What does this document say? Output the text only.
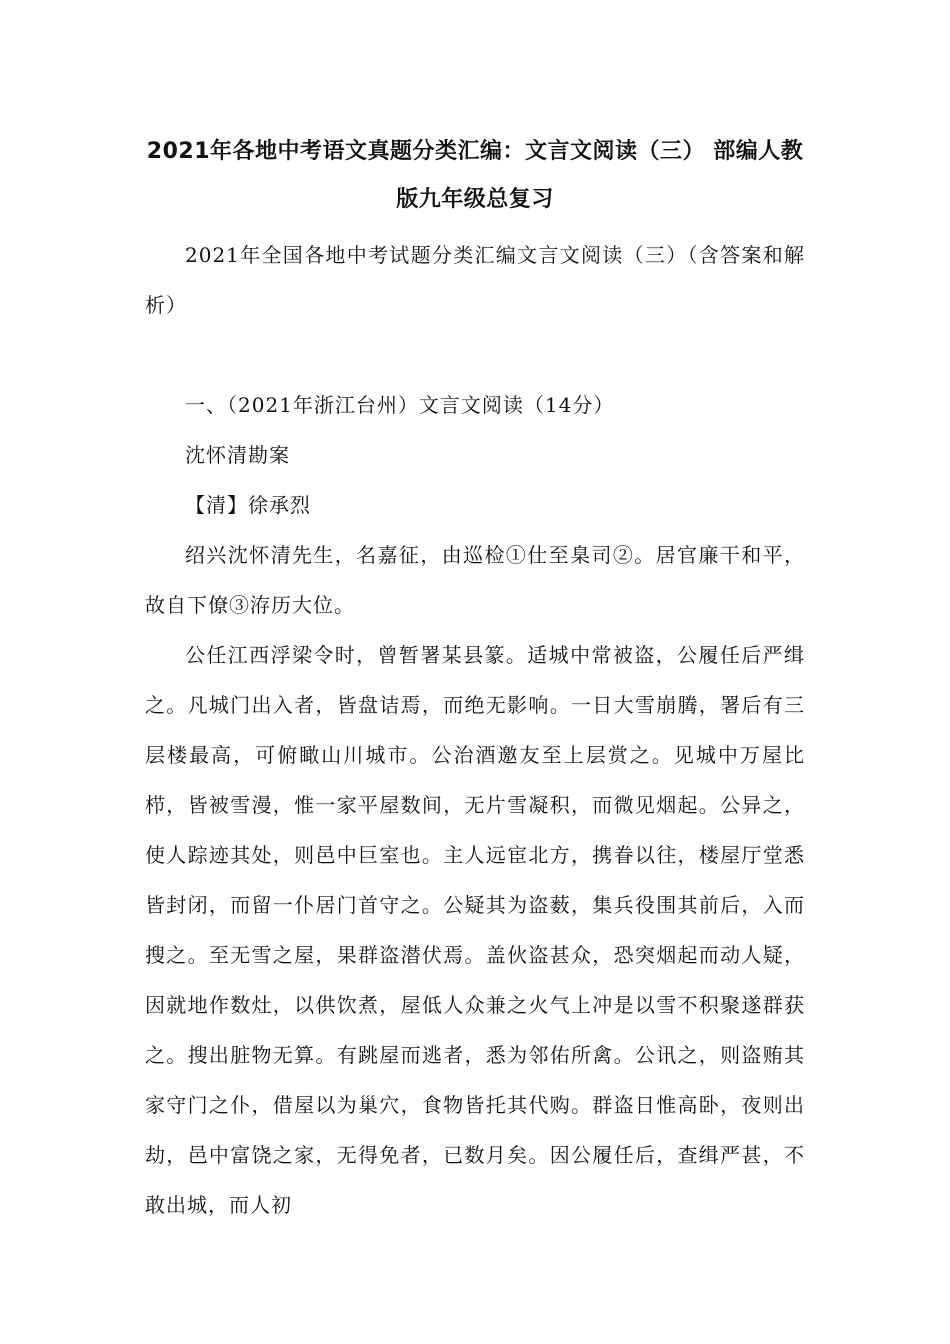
2021年各地中考语文真题分类汇编：文言文阅读（三） 部编人教
版九年级总复习

2021年全国各地中考试题分类汇编文言文阅读（三）（含答案和解析）

一、（2021年浙江台州）文言文阅读（14分）

沈怀清勘案

【清】徐承烈

绍兴沈怀清先生，名嘉征，由巡检①仕至臬司②。居官廉干和平，故自下僚③洊历大位。

公任江西浮梁令时，曾暂署某县篆。适城中常被盗，公履任后严缉之。凡城门出入者，皆盘诘焉，而绝无影响。一日大雪崩腾，署后有三层楼最高，可俯瞰山川城市。公治酒邀友至上层赏之。见城中万屋比栉，皆被雪漫，惟一家平屋数间，无片雪凝积，而微见烟起。公异之，使人踪迹其处，则邑中巨室也。主人远宦北方，携眷以往，楼屋厅堂悉皆封闭，而留一仆居门首守之。公疑其为盗薮，集兵役围其前后，入而搜之。至无雪之屋，果群盗潜伏焉。盖伙盗甚众，恐突烟起而动人疑，因就地作数灶，以供饮煮，屋低人众兼之火气上冲是以雪不积聚遂群获之。搜出脏物无算。有跳屋而逃者，悉为邻佑所禽。公讯之，则盗贿其家守门之仆，借屋以为巢穴，食物皆托其代购。群盗日惟高卧，夜则出劫，邑中富饶之家，无得免者，已数月矣。因公履任后，查缉严甚，不敢出城，而人初
